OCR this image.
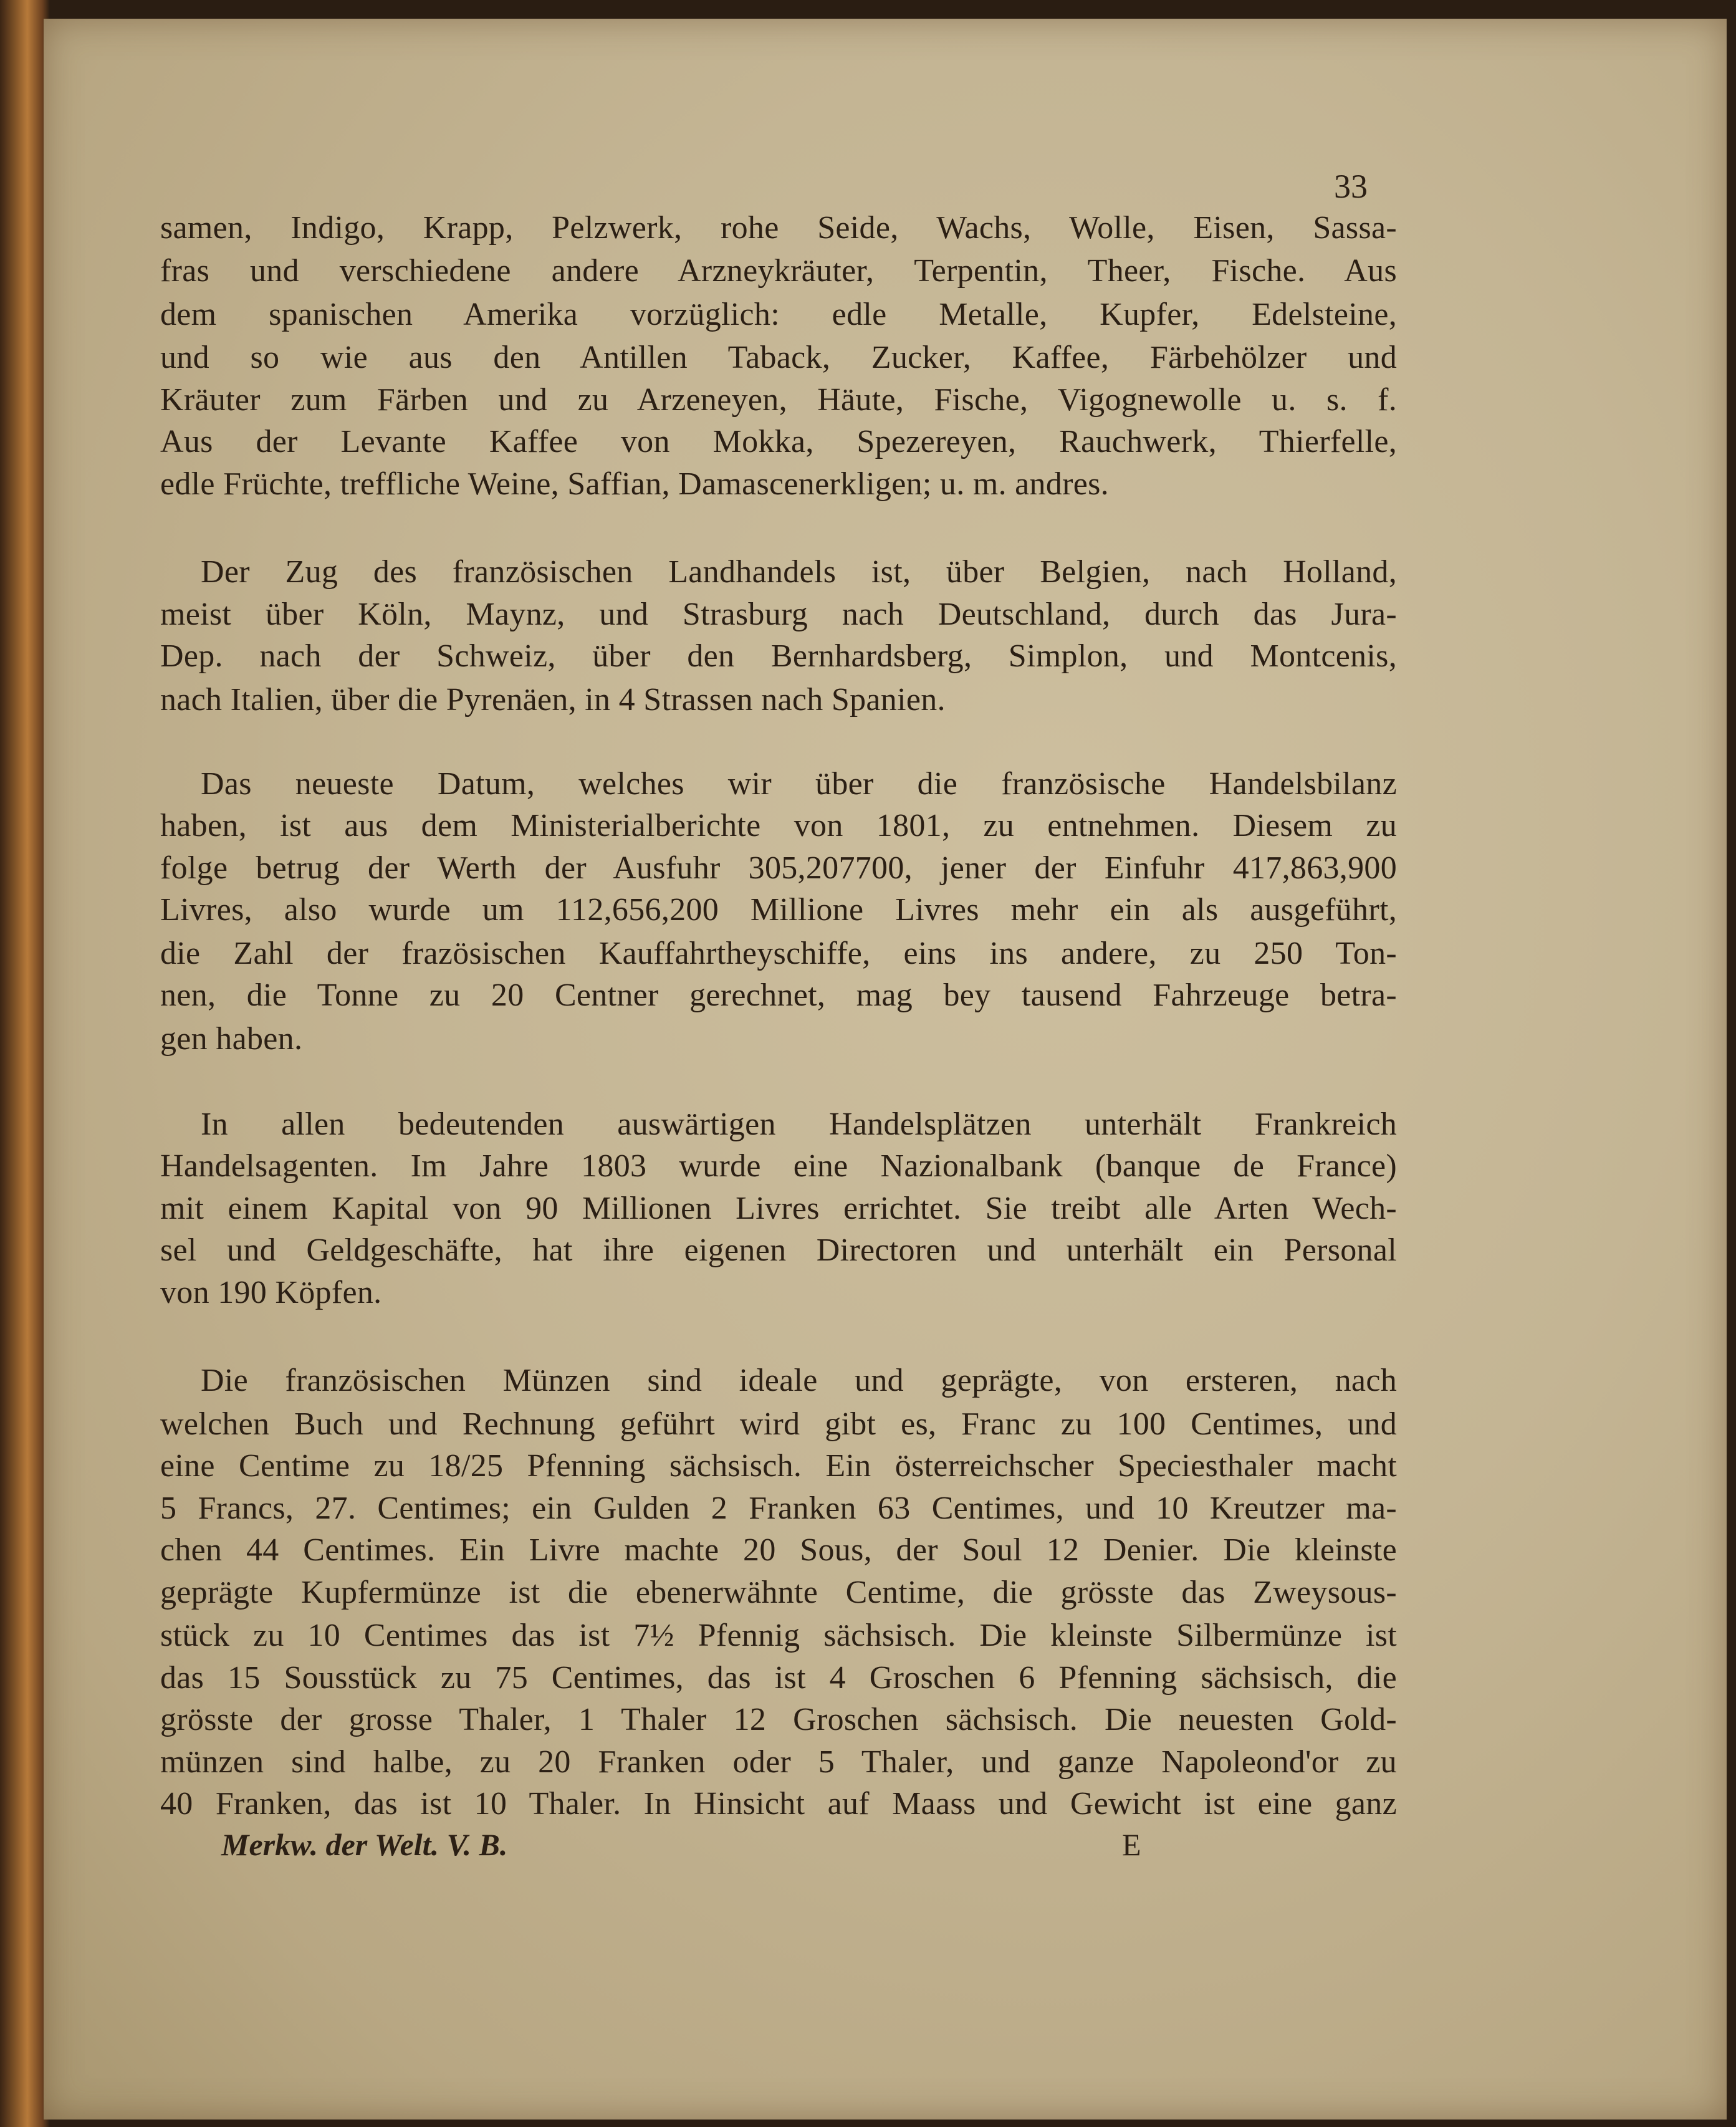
33
samen, Indigo, Krapp, Pelzwerk, rohe Seide, Wachs, Wolle, Eisen, Sassa-
fras und verschiedene andere Arzneykräuter, Terpentin, Theer, Fische. Aus
dem spanischen Amerika vorzüglich: edle Metalle, Kupfer, Edelsteine,
und so wie aus den Antillen Taback, Zucker, Kaffee, Färbehölzer und
Kräuter zum Färben und zu Arzeneyen, Häute, Fische, Vigognewolle u. s. f.
Aus der Levante Kaffee von Mokka, Spezereyen, Rauchwerk, Thierfelle,
edle Früchte, treffliche Weine, Saffian, Damascenerkligen; u. m. andres.
Der Zug des französischen Landhandels ist, über Belgien, nach Holland,
meist über Köln, Maynz, und Strasburg nach Deutschland, durch das Jura-
Dep. nach der Schweiz, über den Bernhardsberg, Simplon, und Montcenis,
nach Italien, über die Pyrenäen, in 4 Strassen nach Spanien.
Das neueste Datum, welches wir über die französische Handelsbilanz
haben, ist aus dem Ministerialberichte von 1801, zu entnehmen. Diesem zu
folge betrug der Werth der Ausfuhr 305,207700, jener der Einfuhr 417,863,900
Livres, also wurde um 112,656,200 Millione Livres mehr ein als ausgeführt,
die Zahl der frazösischen Kauffahrtheyschiffe, eins ins andere, zu 250 Ton-
nen, die Tonne zu 20 Centner gerechnet, mag bey tausend Fahrzeuge betra-
gen haben.
In allen bedeutenden auswärtigen Handelsplätzen unterhält Frankreich
Handelsagenten. Im Jahre 1803 wurde eine Nazionalbank (banque de France)
mit einem Kapital von 90 Millionen Livres errichtet. Sie treibt alle Arten Wech-
sel und Geldgeschäfte, hat ihre eigenen Directoren und unterhält ein Personal
von 190 Köpfen.
Die französischen Münzen sind ideale und geprägte, von ersteren, nach
welchen Buch und Rechnung geführt wird gibt es, Franc zu 100 Centimes, und
eine Centime zu 18/25 Pfenning sächsisch. Ein österreichscher Speciesthaler macht
5 Francs, 27. Centimes; ein Gulden 2 Franken 63 Centimes, und 10 Kreutzer ma-
chen 44 Centimes. Ein Livre machte 20 Sous, der Soul 12 Denier. Die kleinste
geprägte Kupfermünze ist die ebenerwähnte Centime, die grösste das Zweysous-
stück zu 10 Centimes das ist 7½ Pfennig sächsisch. Die kleinste Silbermünze ist
das 15 Sousstück zu 75 Centimes, das ist 4 Groschen 6 Pfenning sächsisch, die
grösste der grosse Thaler, 1 Thaler 12 Groschen sächsisch. Die neuesten Gold-
münzen sind halbe, zu 20 Franken oder 5 Thaler, und ganze Napoleond'or zu
40 Franken, das ist 10 Thaler. In Hinsicht auf Maass und Gewicht ist eine ganz
Merkw. der Welt. V. B.	E
